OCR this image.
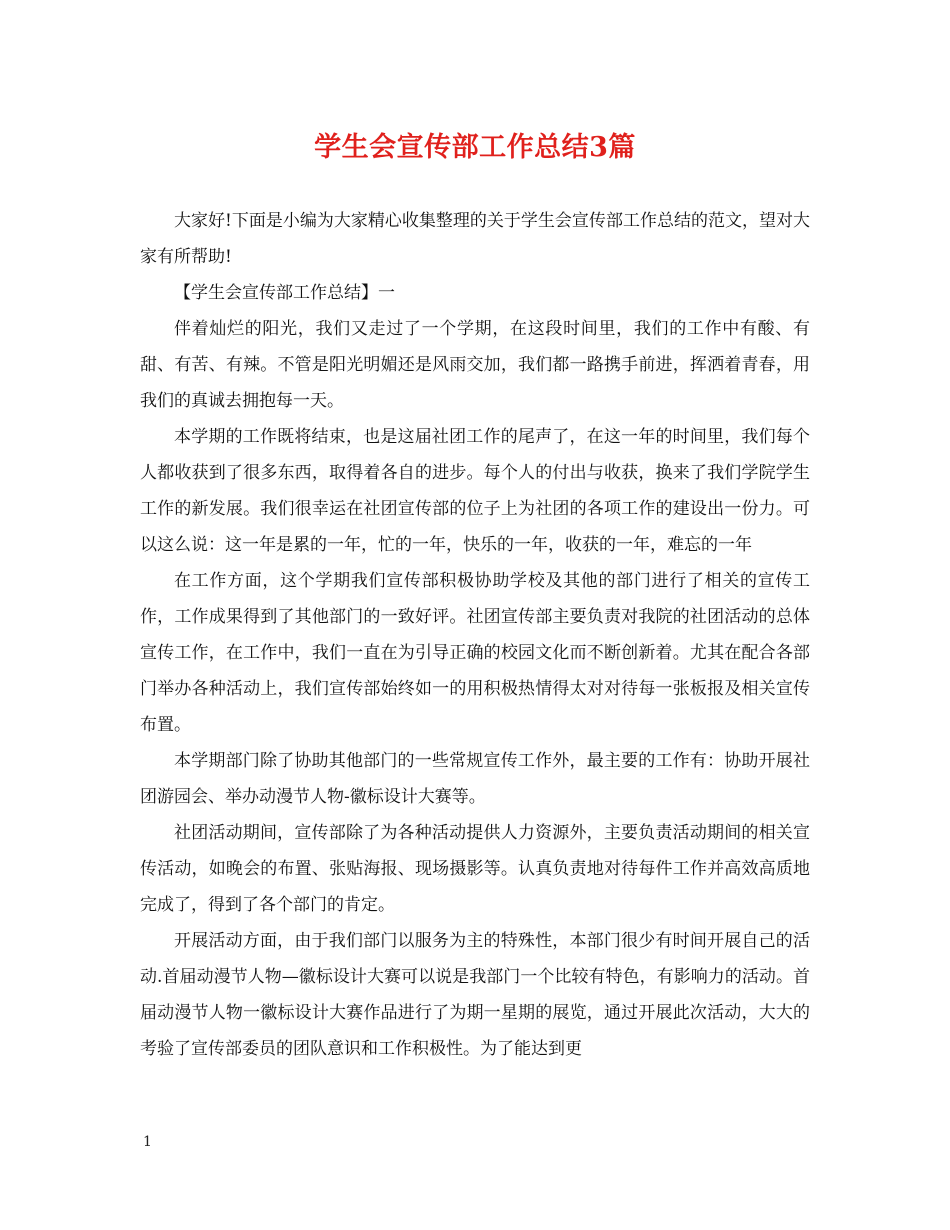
学生会宣传部工作总结3篇

大家好!下面是小编为大家精心收集整理的关于学生会宣传部工作总结的范文，望对大家有所帮助!

【学生会宣传部工作总结】一

伴着灿烂的阳光，我们又走过了一个学期，在这段时间里，我们的工作中有酸、有甜、有苦、有辣。不管是阳光明媚还是风雨交加，我们都一路携手前进，挥洒着青春，用我们的真诚去拥抱每一天。

本学期的工作既将结束，也是这届社团工作的尾声了，在这一年的时间里，我们每个人都收获到了很多东西，取得着各自的进步。每个人的付出与收获，换来了我们学院学生工作的新发展。我们很幸运在社团宣传部的位子上为社团的各项工作的建设出一份力。可以这么说：这一年是累的一年，忙的一年，快乐的一年，收获的一年，难忘的一年

在工作方面，这个学期我们宣传部积极协助学校及其他的部门进行了相关的宣传工作，工作成果得到了其他部门的一致好评。社团宣传部主要负责对我院的社团活动的总体宣传工作，在工作中，我们一直在为引导正确的校园文化而不断创新着。尤其在配合各部门举办各种活动上，我们宣传部始终如一的用积极热情得太对对待每一张板报及相关宣传布置。

本学期部门除了协助其他部门的一些常规宣传工作外，最主要的工作有：协助开展社团游园会、举办动漫节人物-徽标设计大赛等。

社团活动期间，宣传部除了为各种活动提供人力资源外，主要负责活动期间的相关宣传活动，如晚会的布置、张贴海报、现场摄影等。认真负责地对待每件工作并高效高质地完成了，得到了各个部门的肯定。

开展活动方面，由于我们部门以服务为主的特殊性，本部门很少有时间开展自己的活动.首届动漫节人物—徽标设计大赛可以说是我部门一个比较有特色，有影响力的活动。首届动漫节人物一徽标设计大赛作品进行了为期一星期的展览，通过开展此次活动，大大的考验了宣传部委员的团队意识和工作积极性。为了能达到更

1
